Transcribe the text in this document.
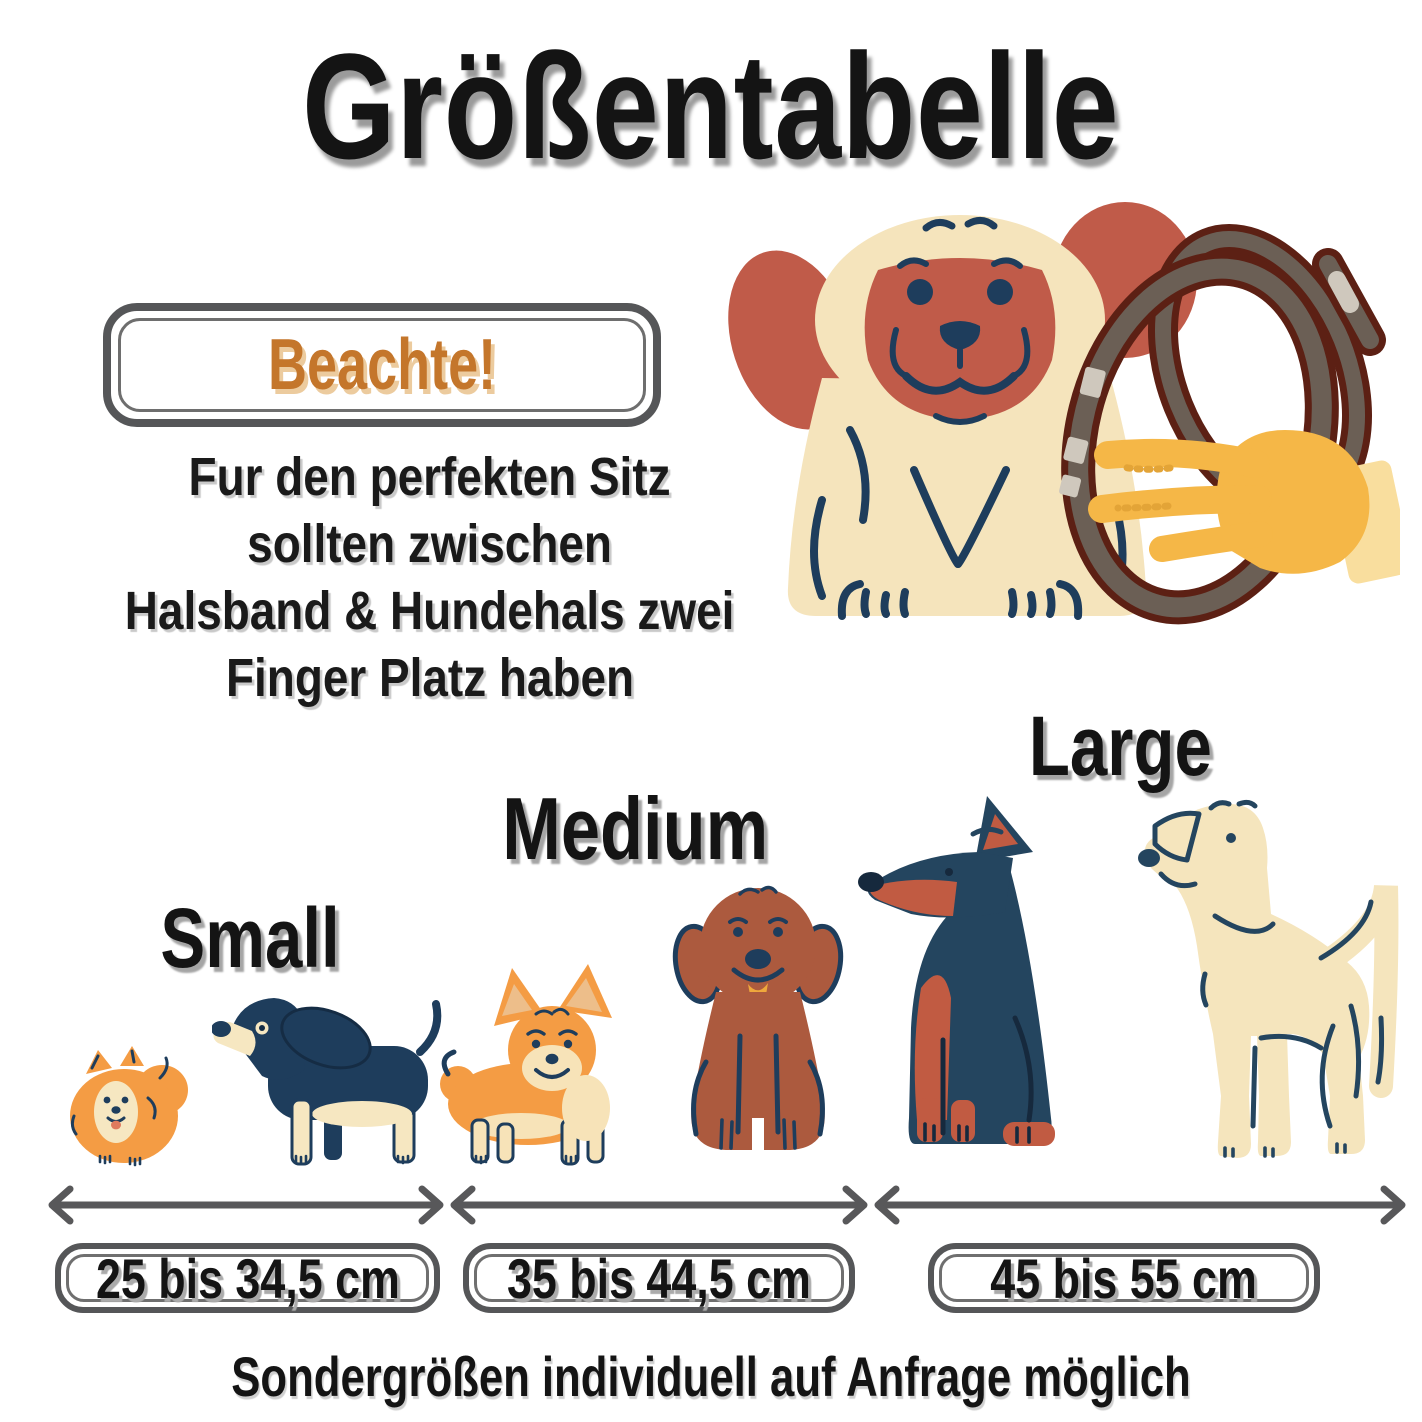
Größentabelle
Beachte!
Fur den perfekten Sitz
sollten zwischen
Halsband & Hundehals zwei
Finger Platz haben
Small
Medium
Large
25 bis 34,5 cm 35 bis 44,5 cm	45 bis 55 cm
Sondergrößen individuell auf Anfrage möglich
